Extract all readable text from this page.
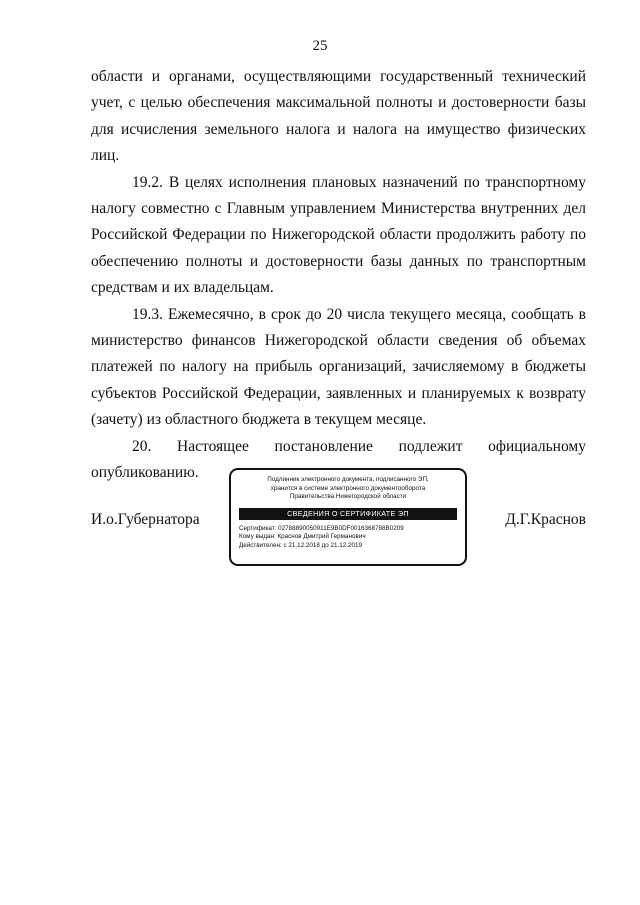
25

области и органами, осуществляющими государственный технический учет, с целью обеспечения максимальной полноты и достоверности базы для исчисления земельного налога и налога на имущество физических лиц.

19.2. В целях исполнения плановых назначений по транспортному налогу совместно с Главным управлением Министерства внутренних дел Российской Федерации по Нижегородской области продолжить работу по обеспечению полноты и достоверности базы данных по транспортным средствам и их владельцам.

19.3. Ежемесячно, в срок до 20 числа текущего месяца, сообщать в министерство финансов Нижегородской области сведения об объемах платежей по налогу на прибыль организаций, зачисляемому в бюджеты субъектов Российской Федерации, заявленных и планируемых к возврату (зачету) из областного бюджета в текущем месяце.

20. Настоящее постановление подлежит официальному

опубликованию.

И.о.Губернатора

Подлинник электронного документа, подписанного ЭП,

хранится в системе электронного документооборота

Правительства Нижегородской области

СВЕДЕНИЯ О СЕРТИФИКАТЕ ЭП

Сертификат: 02788890050911E9B0DF0016368788B0209

Кому выдан: Краснов Дмитрий Германович

Действителен: с 21.12.2018 до 21.12.2019

Д.Г.Краснов
